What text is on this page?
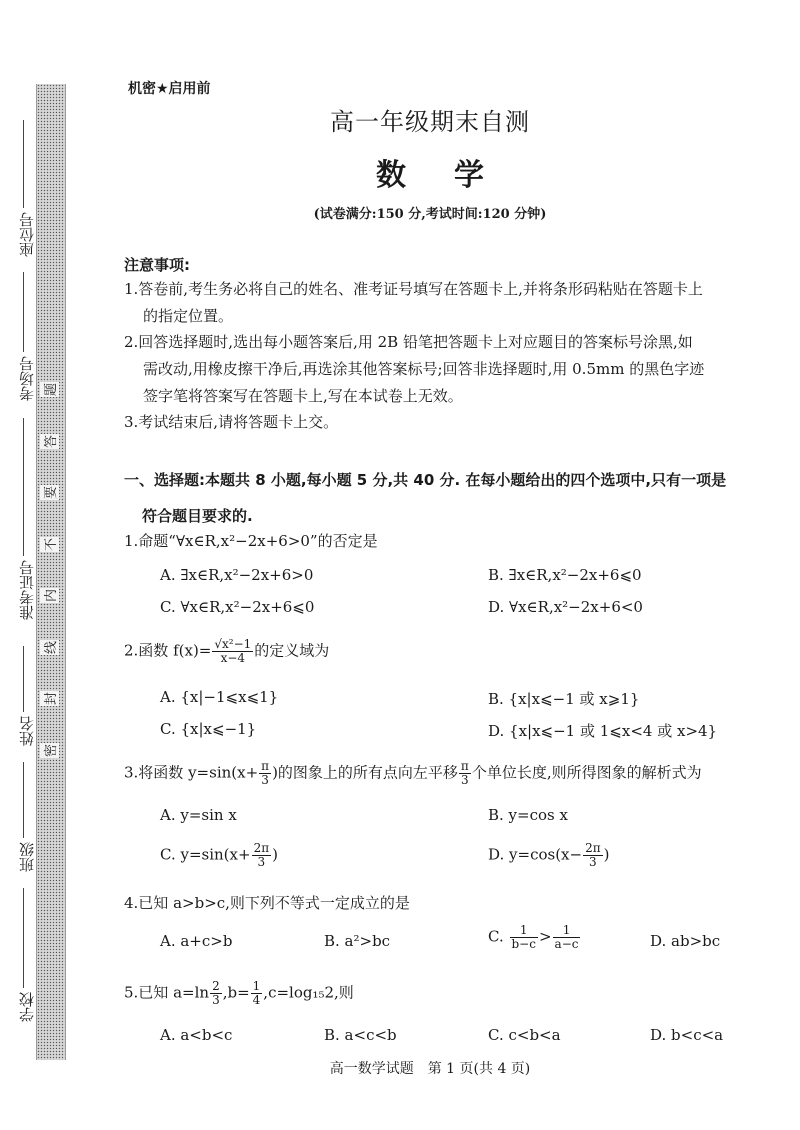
题
答
要
不
内
线
封
密
座位号
考场号
准考证号
姓名
班级
学校
机密★启用前
高一年级期末自测
数学
(试卷满分:150 分,考试时间:120 分钟)
注意事项:
1.答卷前,考生务必将自己的姓名、准考证号填写在答题卡上,并将条形码粘贴在答题卡上
的指定位置。
2.回答选择题时,选出每小题答案后,用 2B 铅笔把答题卡上对应题目的答案标号涂黑,如
需改动,用橡皮擦干净后,再选涂其他答案标号;回答非选择题时,用 0.5mm 的黑色字迹
签字笔将答案写在答题卡上,写在本试卷上无效。
3.考试结束后,请将答题卡上交。
一、选择题:本题共 8 小题,每小题 5 分,共 40 分. 在每小题给出的四个选项中,只有一项是
符合题目要求的.
1.命题“∀x∈R,x²−2x+6>0”的否定是
A. ∃x∈R,x²−2x+6>0	B. ∃x∈R,x²−2x+6⩽0
C. ∀x∈R,x²−2x+6⩽0	D. ∀x∈R,x²−2x+6<0
2.函数 $f(x)= \frac{\text{√x²−1}}{x-4}$ 的定义域为
A. {x|−1⩽x⩽1}	B. {x|x⩽−1 或 x⩾1}
C. {x|x⩽−1}	D. {x|x⩽−1 或 1⩽x<4 或 x>4}
3.将函数 $y=\sin(x+ \frac{\pi}{3}$ )的图象上的所有点向左平移 $\frac{\pi}{3}$ 个单位长度,则所得图象的解析式为
A. y=sin x	B. y=cos x
C. $y=\sin(x+ \frac{2\pi}{3}$ )	D. $y=\cos(x- \frac{2\pi}{3}$ )
4.已知 a>b>c,则下列不等式一定成立的是
A. a+c>b	B. a²>bc	C. $\frac{1}{b-c} > \frac{1}{a-c}$	D. ab>bc
5.已知 $a=\ln \frac{2}{3} ,b= \frac{1}{4} ,c=\log_{15}2$,则
A. a<b<c	B. a<c<b	C. c<b<a	D. b<c<a
高一数学试题　第 1 页(共 4 页)
